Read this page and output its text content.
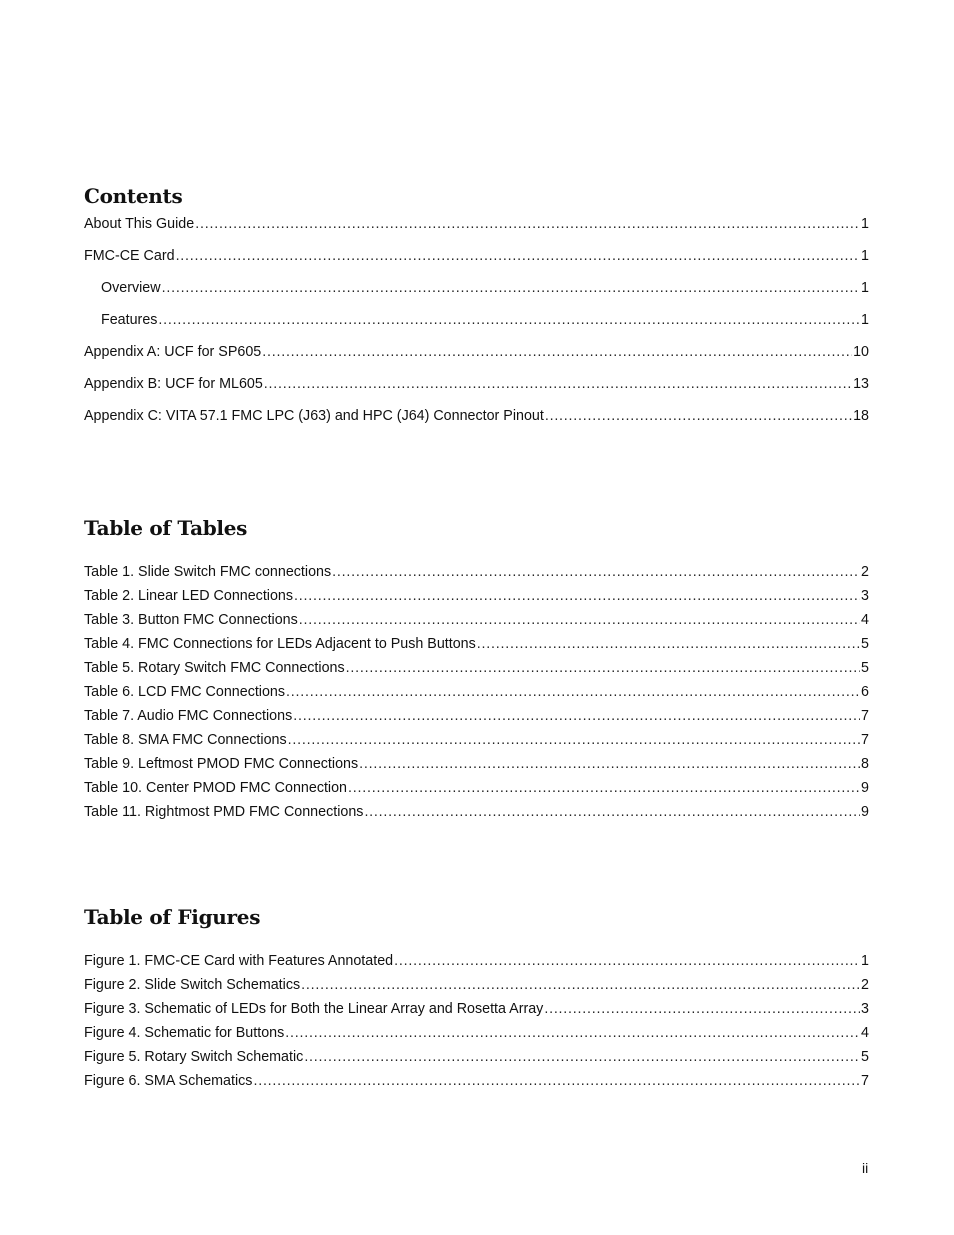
Contents
About This Guide . . .	1
FMC-CE Card . . .	1
Overview . . .	1
Features . . .	1
Appendix A: UCF for SP605 . . .	10
Appendix B: UCF for ML605 . . .	13
Appendix C: VITA 57.1 FMC LPC (J63) and HPC (J64) Connector Pinout . . .	18
Table of Tables
Table 1. Slide Switch FMC connections . . .	2
Table 2. Linear LED Connections . . .	3
Table 3. Button FMC Connections . . .	4
Table 4. FMC Connections for LEDs Adjacent to Push Buttons . . .	5
Table 5. Rotary Switch FMC Connections . . .	5
Table 6. LCD FMC Connections . . .	6
Table 7. Audio FMC Connections . . .	7
Table 8. SMA FMC Connections . . .	7
Table 9. Leftmost PMOD FMC Connections . . .	8
Table 10. Center PMOD FMC Connection . . .	9
Table 11. Rightmost PMD FMC Connections . . .	9
Table of Figures
Figure 1. FMC-CE Card with Features Annotated . . .	1
Figure 2. Slide Switch Schematics . . .	2
Figure 3. Schematic of LEDs for Both the Linear Array and Rosetta Array . . .	3
Figure 4. Schematic for Buttons . . .	4
Figure 5. Rotary Switch Schematic . . .	5
Figure 6. SMA Schematics . . .	7
ii
